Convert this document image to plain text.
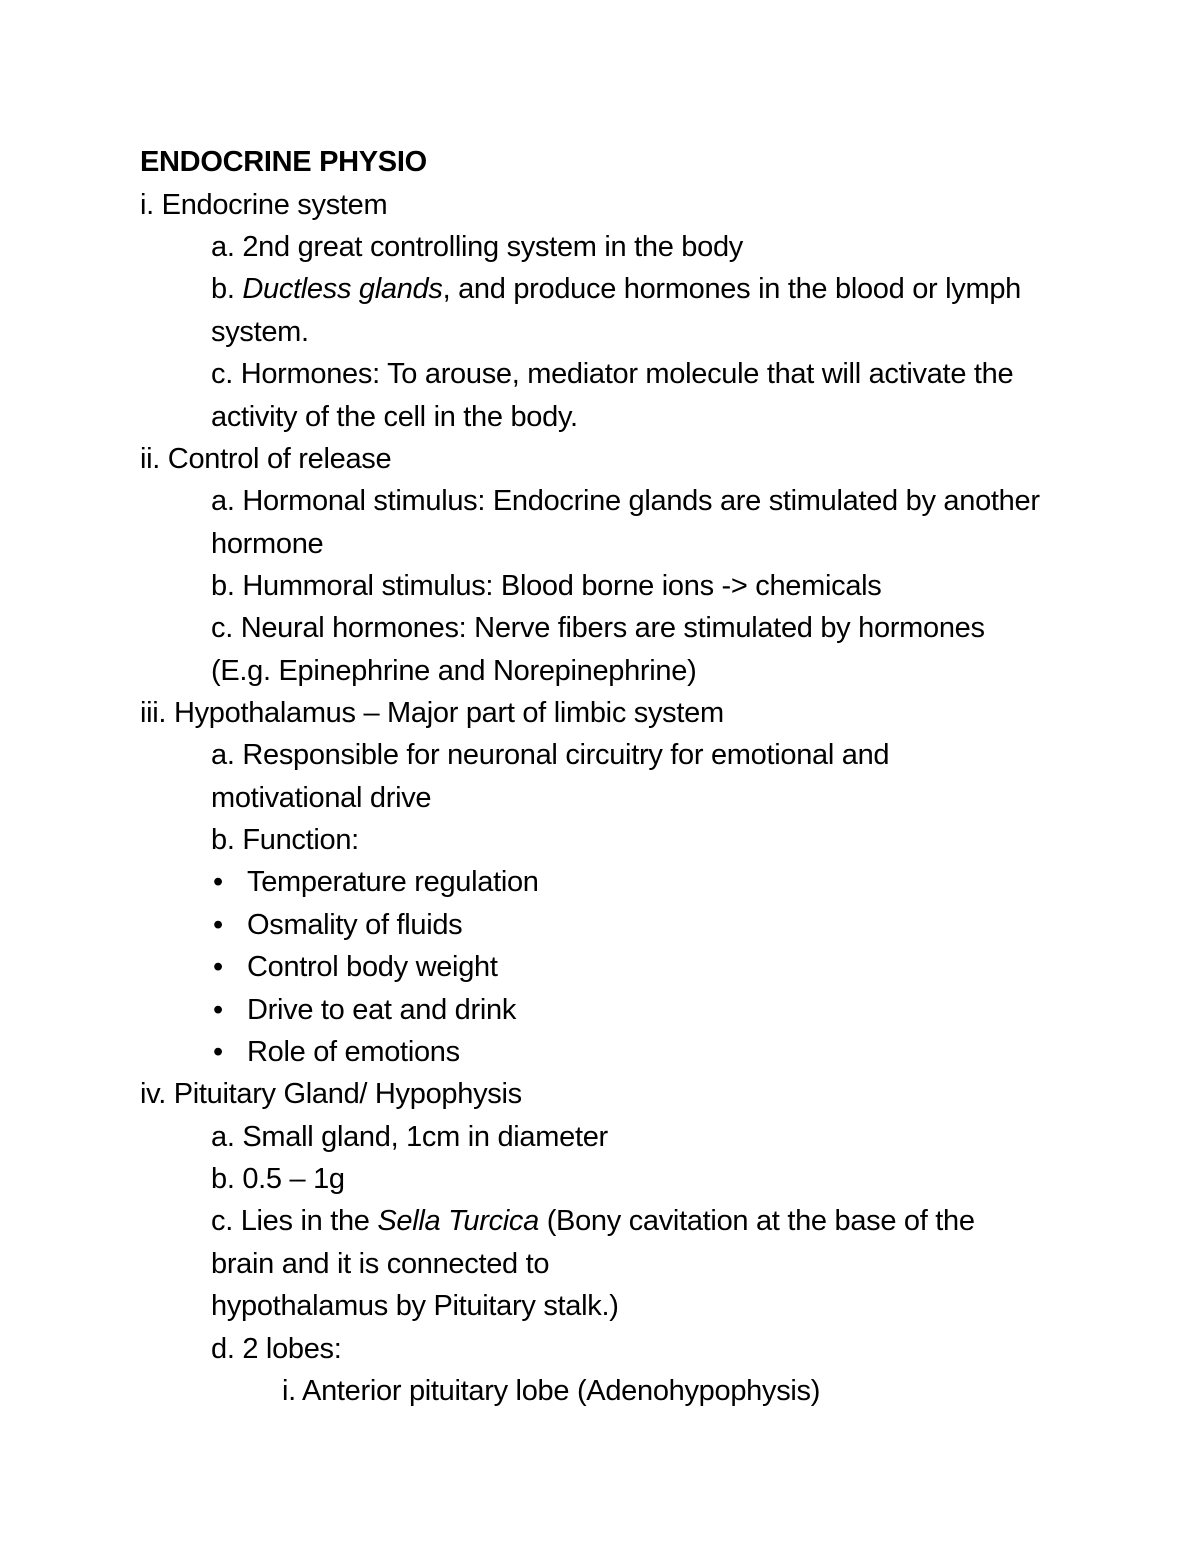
ENDOCRINE PHYSIO
i. Endocrine system
a. 2nd great controlling system in the body
b. Ductless glands, and produce hormones in the blood or lymph
system.
c. Hormones: To arouse, mediator molecule that will activate the
activity of the cell in the body.
ii. Control of release
a. Hormonal stimulus: Endocrine glands are stimulated by another
hormone
b. Hummoral stimulus: Blood borne ions -> chemicals
c. Neural hormones: Nerve fibers are stimulated by hormones
(E.g. Epinephrine and Norepinephrine)
iii. Hypothalamus – Major part of limbic system
a. Responsible for neuronal circuitry for emotional and
motivational drive
b. Function:
• Temperature regulation
• Osmality of fluids
• Control body weight
• Drive to eat and drink
• Role of emotions
iv. Pituitary Gland/ Hypophysis
a. Small gland, 1cm in diameter
b. 0.5 – 1g
c. Lies in the Sella Turcica (Bony cavitation at the base of the
brain and it is connected to
hypothalamus by Pituitary stalk.)
d. 2 lobes:
i. Anterior pituitary lobe (Adenohypophysis)
